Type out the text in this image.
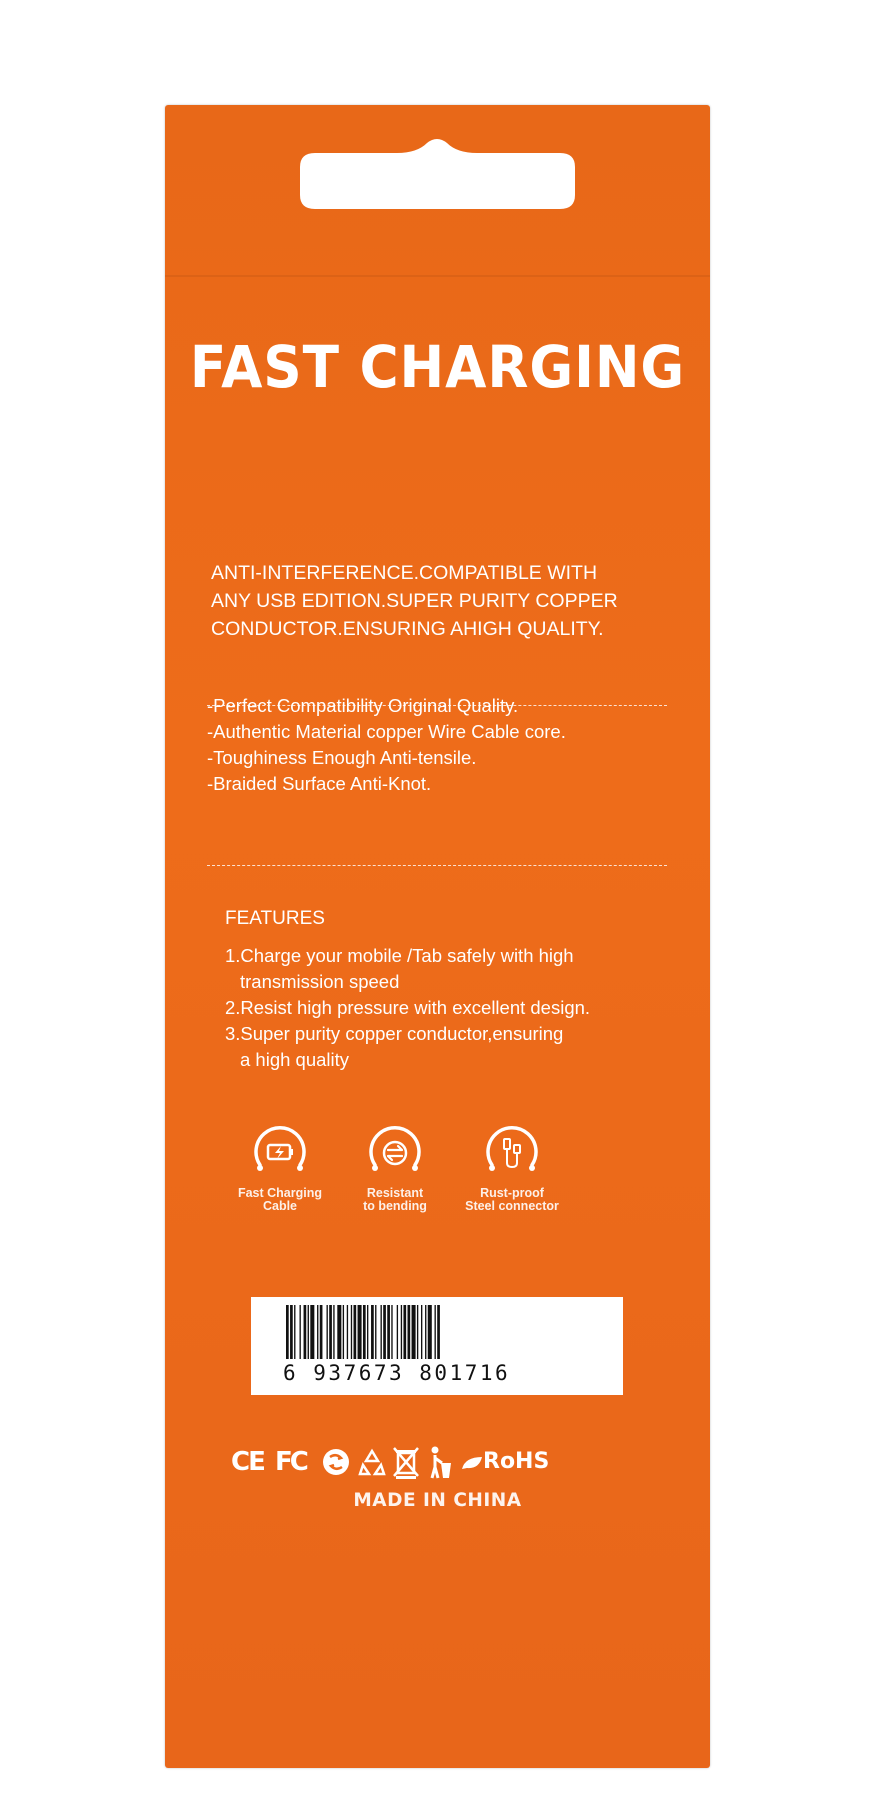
FAST CHARGING
ANTI-INTERFERENCE.COMPATIBLE WITH
ANY USB EDITION.SUPER PURITY COPPER
CONDUCTOR.ENSURING AHIGH QUALITY.
-Perfect Compatibility Original Quality.
-Authentic Material copper Wire Cable core.
-Toughiness Enough Anti-tensile.
-Braided Surface Anti-Knot.
FEATURES
1.Charge your mobile /Tab safely with high
transmission speed
2.Resist high pressure with excellent design.
3.Super purity copper conductor,ensuring
a high quality
Fast Charging
Cable
Resistant
to bending
Rust-proof
Steel connector
6 937673 801716
CE FC	RoHS
MADE IN CHINA
